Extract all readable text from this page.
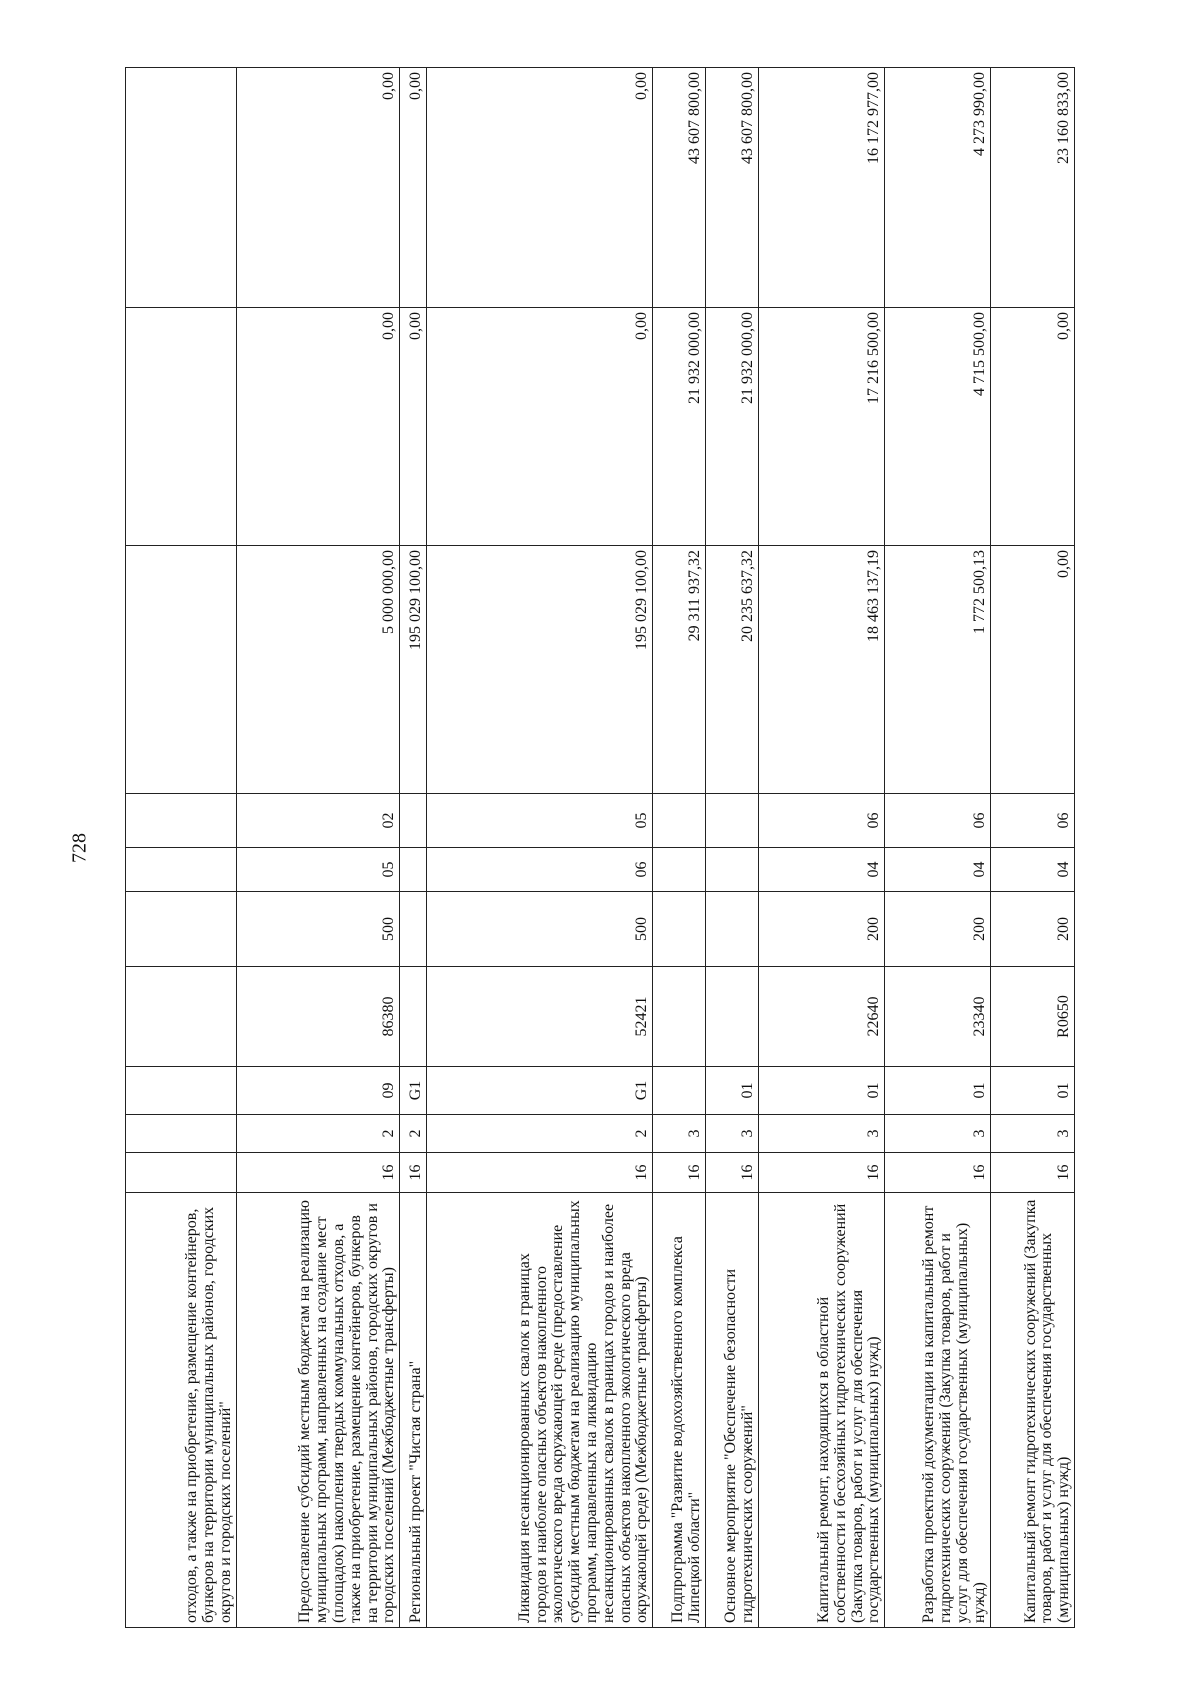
728
отходов, а также на приобретение, размещение контейнеров, бункеров на территории муниципальных районов, городских округов и городских поселений"										
Предоставление субсидий местным бюджетам на реализацию муниципальных программ, направленных на создание мест (площадок) накопления твердых коммунальных отходов, а также на приобретение, размещение контейнеров, бункеров на территории муниципальных районов, городских округов и городских поселений (Межбюджетные трансферты)	16	2	09	86380	500	05	02	5 000 000,00	0,00	0,00
Региональный проект "Чистая страна"	16	2	G1					195 029 100,00	0,00	0,00
Ликвидация несанкционированных свалок в границах городов и наиболее опасных объектов накопленного экологического вреда окружающей среде (предоставление субсидий местным бюджетам на реализацию муниципальных программ, направленных на ликвидацию несанкционированных свалок в границах городов и наиболее опасных объектов накопленного экологического вреда окружающей среде) (Межбюджетные трансферты)	16	2	G1	52421	500	06	05	195 029 100,00	0,00	0,00
Подпрограмма "Развитие водохозяйственного комплекса Липецкой области"	16	3						29 311 937,32	21 932 000,00	43 607 800,00
Основное мероприятие "Обеспечение безопасности гидротехнических сооружений"	16	3	01					20 235 637,32	21 932 000,00	43 607 800,00
Капитальный ремонт, находящихся в областной собственности и бесхозяйных гидротехнических сооружений (Закупка товаров, работ и услуг для обеспечения государственных (муниципальных) нужд)	16	3	01	22640	200	04	06	18 463 137,19	17 216 500,00	16 172 977,00
Разработка проектной документации на капитальный ремонт гидротехнических сооружений (Закупка товаров, работ и услуг для обеспечения государственных (муниципальных) нужд)	16	3	01	23340	200	04	06	1 772 500,13	4 715 500,00	4 273 990,00
Капитальный ремонт гидротехнических сооружений (Закупка товаров, работ и услуг для обеспечения государственных (муниципальных) нужд)	16	3	01	R0650	200	04	06	0,00	0,00	23 160 833,00
